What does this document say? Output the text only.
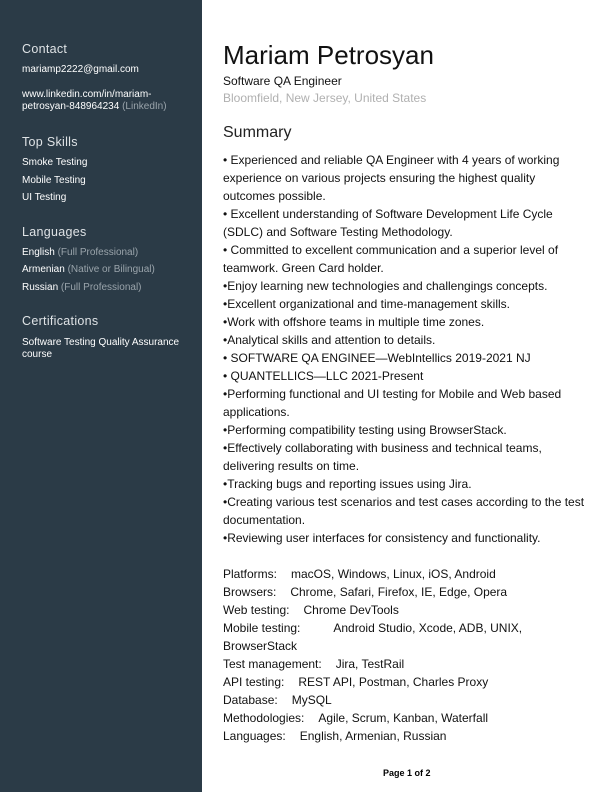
Contact
mariamp2222@gmail.com
www.linkedin.com/in/mariam-
petrosyan-848964234 (LinkedIn)
Top Skills
Smoke Testing
Mobile Testing
UI Testing
Languages
English (Full Professional)
Armenian (Native or Bilingual)
Russian (Full Professional)
Certifications
Software Testing Quality Assurance
course
Mariam Petrosyan
Software QA Engineer
Bloomfield, New Jersey, United States
Summary
• Experienced and reliable QA Engineer with 4 years of working
experience on various projects ensuring the highest quality
outcomes possible.
• Excellent understanding of Software Development Life Cycle
(SDLC) and Software Testing Methodology.
• Committed to excellent communication and a superior level of
teamwork. Green Card holder.
•Enjoy learning new technologies and challengings concepts.
•Excellent organizational and time-management skills.
•Work with offshore teams in multiple time zones.
•Analytical skills and attention to details.
• SOFTWARE QA ENGINEE—WebIntellics 2019-2021 NJ
• QUANTELLICS—LLC 2021-Present
•Performing functional and UI testing for Mobile and Web based
applications.
•Performing compatibility testing using BrowserStack.
•Effectively collaborating with business and technical teams,
delivering results on time.
•Tracking bugs and reporting issues using Jira.
•Creating various test scenarios and test cases according to the test
documentation.
•Reviewing user interfaces for consistency and functionality.
Platforms: macOS, Windows, Linux, iOS, Android
Browsers: Chrome, Safari, Firefox, IE, Edge, Opera
Web testing: Chrome DevTools
Mobile testing:	Android Studio, Xcode, ADB, UNIX,
BrowserStack
Test management: Jira, TestRail
API testing: REST API, Postman, Charles Proxy
Database: MySQL
Methodologies: Agile, Scrum, Kanban, Waterfall
Languages: English, Armenian, Russian
Page 1 of 2
